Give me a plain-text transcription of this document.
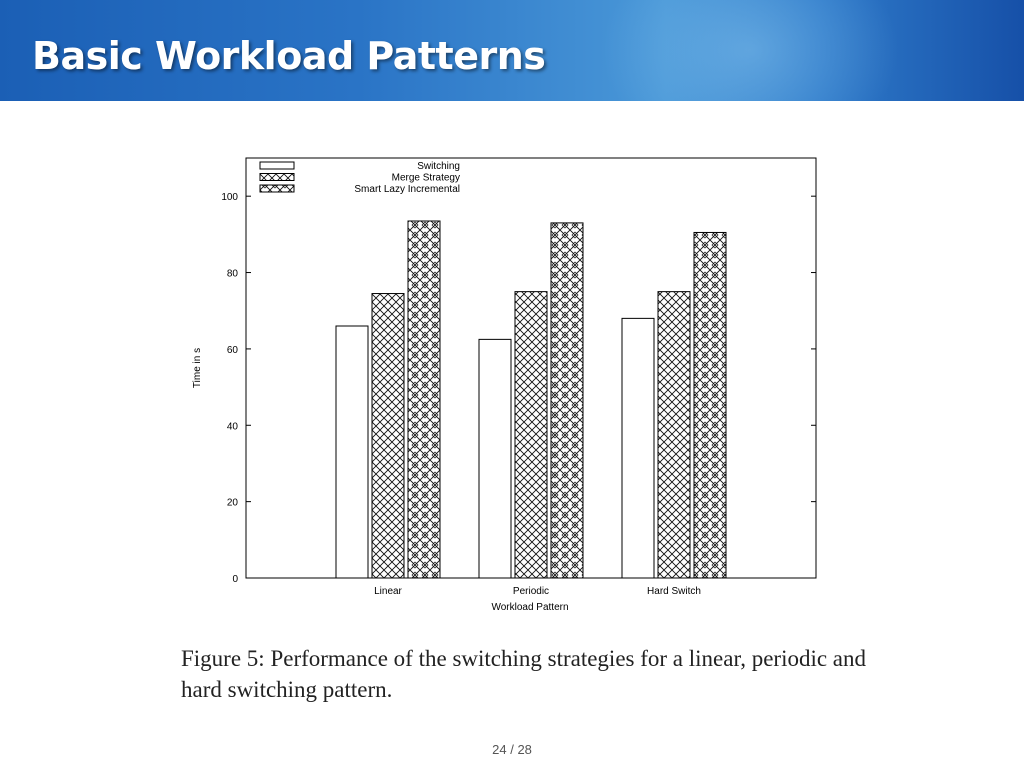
Basic Workload Patterns
0
20
40
60
80
100
Time in s
Workload Pattern
Linear	Periodic	Hard Switch
Switching
Merge Strategy
Smart Lazy Incremental

Figure 5: Performance of the switching strategies for a linear, periodic and hard switching pattern.

24 / 28
